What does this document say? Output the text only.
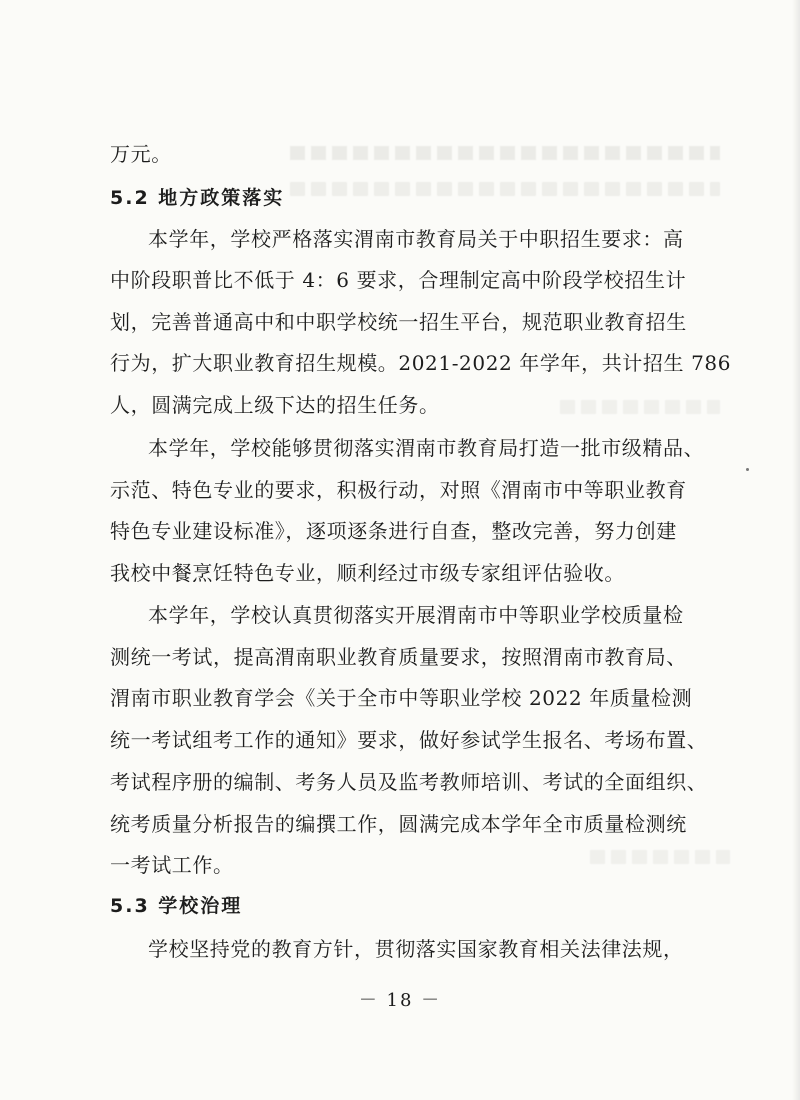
万元。
5.2 地方政策落实
本学年，学校严格落实渭南市教育局关于中职招生要求：高
中阶段职普比不低于 4：6 要求，合理制定高中阶段学校招生计
划，完善普通高中和中职学校统一招生平台，规范职业教育招生
行为，扩大职业教育招生规模。2021-2022 年学年，共计招生 786
人，圆满完成上级下达的招生任务。
本学年，学校能够贯彻落实渭南市教育局打造一批市级精品、
示范、特色专业的要求，积极行动，对照《渭南市中等职业教育
特色专业建设标准》，逐项逐条进行自查，整改完善，努力创建
我校中餐烹饪特色专业，顺利经过市级专家组评估验收。
本学年，学校认真贯彻落实开展渭南市中等职业学校质量检
测统一考试，提高渭南职业教育质量要求，按照渭南市教育局、
渭南市职业教育学会《关于全市中等职业学校 2022 年质量检测
统一考试组考工作的通知》要求，做好参试学生报名、考场布置、
考试程序册的编制、考务人员及监考教师培训、考试的全面组织、
统考质量分析报告的编撰工作，圆满完成本学年全市质量检测统
一考试工作。
5.3 学校治理
学校坚持党的教育方针，贯彻落实国家教育相关法律法规，
－ 18 －
